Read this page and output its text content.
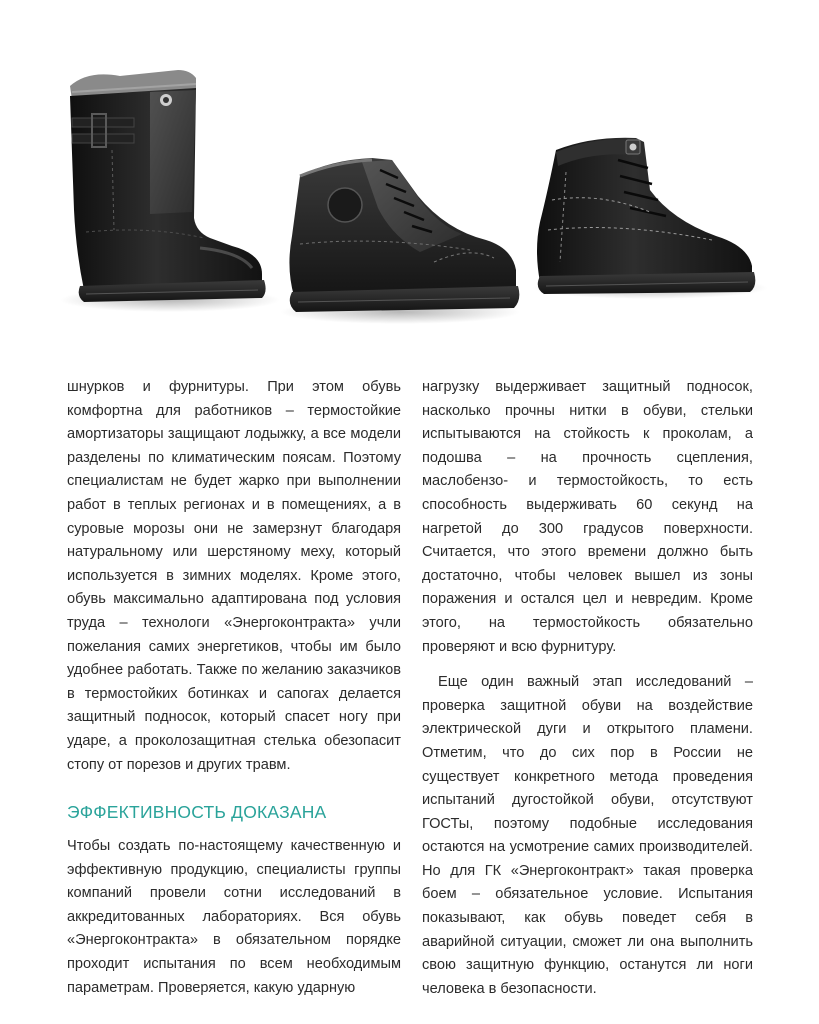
шнурков и фурнитуры. При этом обувь комфортна для работников – термостойкие амортизаторы защищают лодыжку, а все модели разделены по климатическим поясам. Поэтому специалистам не будет жарко при выполнении работ в теплых регионах и в помещениях, а в суровые морозы они не замерзнут благодаря натуральному или шерстяному меху, который используется в зимних моделях. Кроме этого, обувь максимально адаптирована под условия труда – технологи «Энергоконтракта» учли пожелания самих энергетиков, чтобы им было удобнее работать. Также по желанию заказчиков в термостойких ботинках и сапогах делается защитный подносок, который спасет ногу при ударе, а проколозащитная стелька обезопасит стопу от порезов и других травм.

ЭФФЕКТИВНОСТЬ ДОКАЗАНА

Чтобы создать по-настоящему качественную и эффективную продукцию, специалисты группы компаний провели сотни исследований в аккредитованных лабораториях. Вся обувь «Энергоконтракта» в обязательном порядке проходит испытания по всем необходимым параметрам. Проверяется, какую ударную

нагрузку выдерживает защитный подносок, насколько прочны нитки в обуви, стельки испытываются на стойкость к проколам, а подошва – на прочность сцепления, маслобензо- и термостойкость, то есть способность выдерживать 60 секунд на нагретой до 300 градусов поверхности. Считается, что этого времени должно быть достаточно, чтобы человек вышел из зоны поражения и остался цел и невредим. Кроме этого, на термостойкость обязательно проверяют и всю фурнитуру.

Еще один важный этап исследований – проверка защитной обуви на воздействие электрической дуги и открытого пламени. Отметим, что до сих пор в России не существует конкретного метода проведения испытаний дугостойкой обуви, отсутствуют ГОСТы, поэтому подобные исследования остаются на усмотрение самих производителей. Но для ГК «Энергоконтракт» такая проверка боем – обязательное условие. Испытания показывают, как обувь поведет себя в аварийной ситуации, сможет ли она выполнить свою защитную функцию, останутся ли ноги человека в безопасности.
